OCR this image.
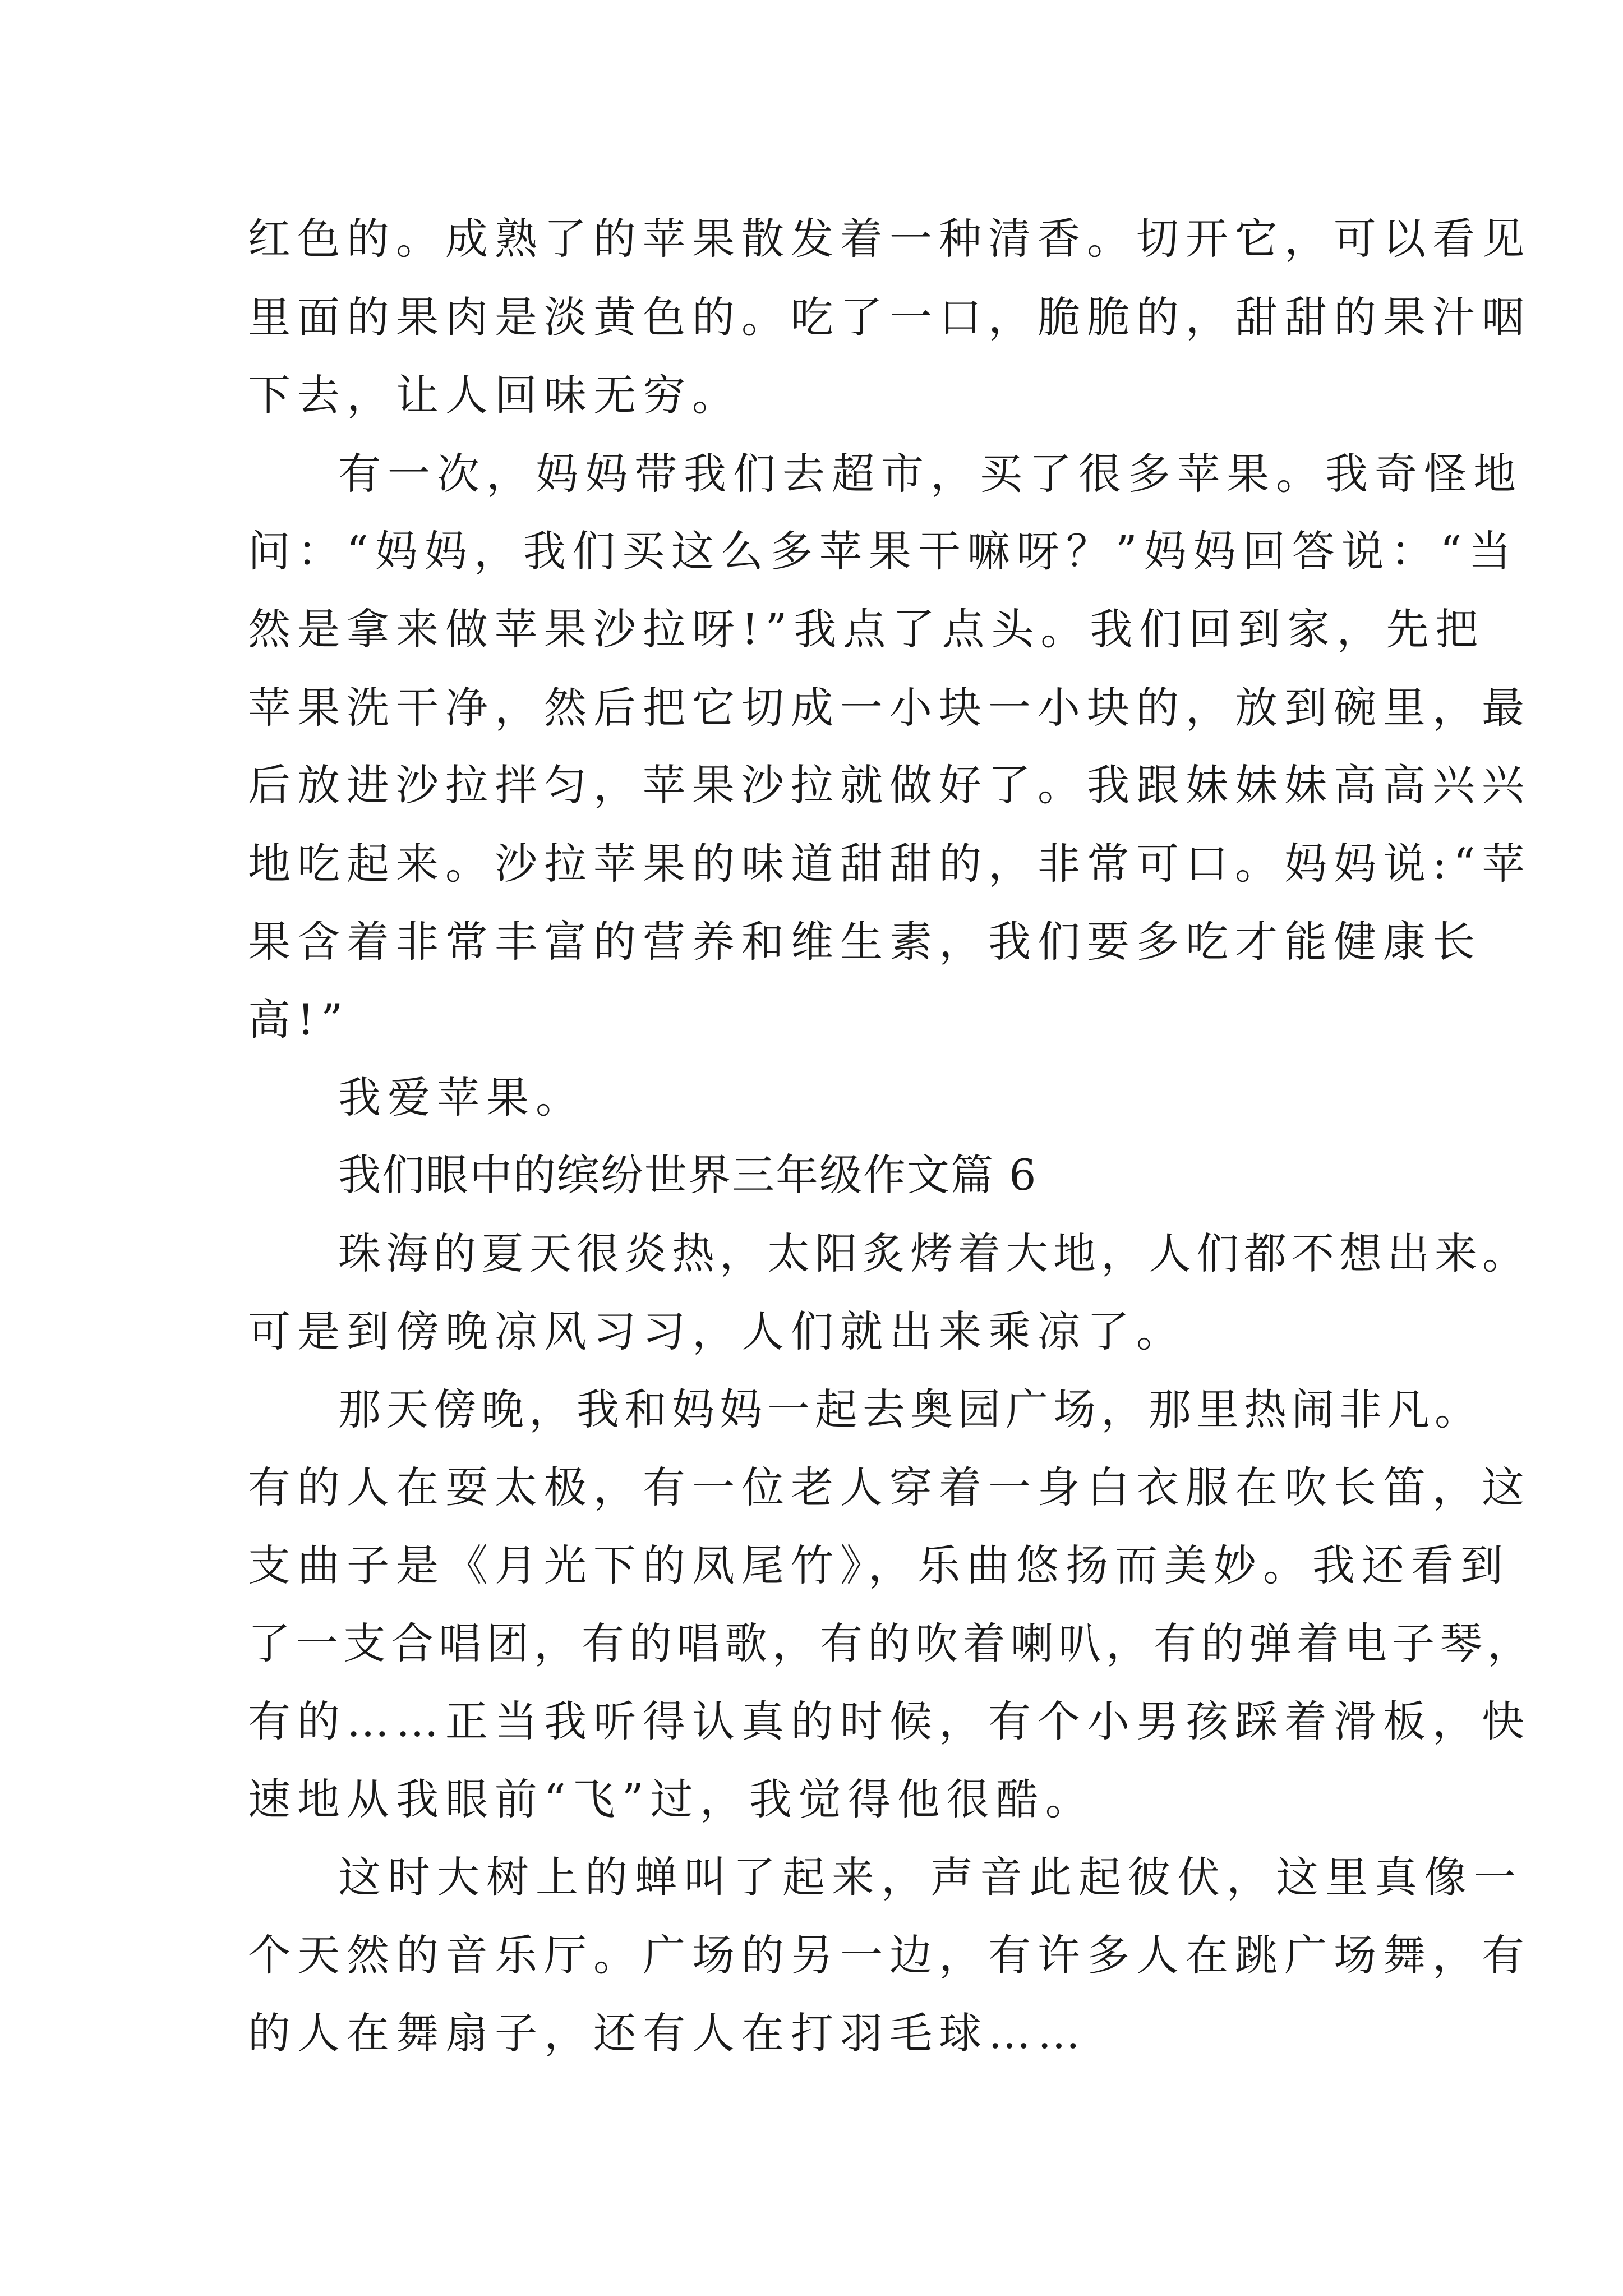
红色的。成熟了的苹果散发着一种清香。切开它，可以看见

里面的果肉是淡黄色的。吃了一口，脆脆的，甜甜的果汁咽

下去，让人回味无穷。

有一次，妈妈带我们去超市，买了很多苹果。我奇怪地

问：“妈妈，我们买这么多苹果干嘛呀？”妈妈回答说：“当

然是拿来做苹果沙拉呀!”我点了点头。我们回到家，先把

苹果洗干净，然后把它切成一小块一小块的，放到碗里，最

后放进沙拉拌匀，苹果沙拉就做好了。我跟妹妹妹高高兴兴

地吃起来。沙拉苹果的味道甜甜的，非常可口。妈妈说:“苹

果含着非常丰富的营养和维生素，我们要多吃才能健康长

高!”

我爱苹果。

我们眼中的缤纷世界三年级作文篇 6

珠海的夏天很炎热，太阳炙烤着大地，人们都不想出来。

可是到傍晚凉风习习，人们就出来乘凉了。

那天傍晚，我和妈妈一起去奥园广场，那里热闹非凡。

有的人在耍太极，有一位老人穿着一身白衣服在吹长笛，这

支曲子是《月光下的凤尾竹》，乐曲悠扬而美妙。我还看到

了一支合唱团，有的唱歌，有的吹着喇叭，有的弹着电子琴，

有的……正当我听得认真的时候，有个小男孩踩着滑板，快

速地从我眼前“飞”过，我觉得他很酷。

这时大树上的蝉叫了起来，声音此起彼伏，这里真像一

个天然的音乐厅。广场的另一边，有许多人在跳广场舞，有

的人在舞扇子，还有人在打羽毛球……
